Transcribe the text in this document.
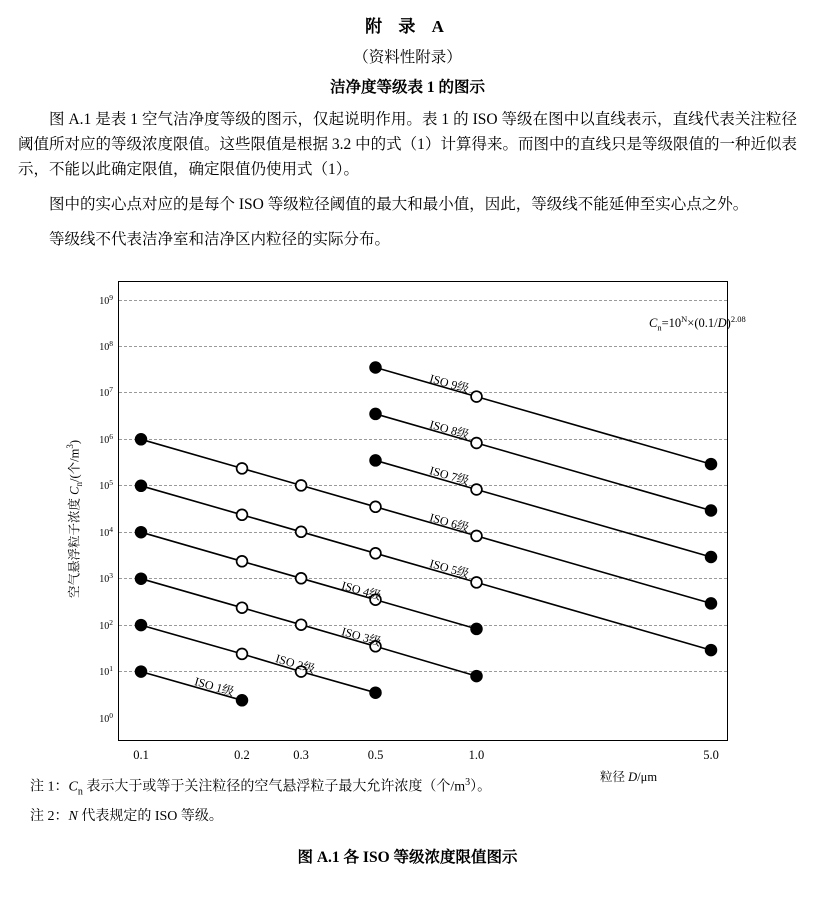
附 录 A
（资料性附录）
洁净度等级表 1 的图示
图 A.1 是表 1 空气洁净度等级的图示，仅起说明作用。表 1 的 ISO 等级在图中以直线表示，直线代表关注粒径阈值所对应的等级浓度限值。这些限值是根据 3.2 中的式（1）计算得来。而图中的直线只是等级限值的一种近似表示，不能以此确定限值，确定限值仍使用式（1）。
图中的实心点对应的是每个 ISO 等级粒径阈值的最大和最小值，因此，等级线不能延伸至实心点之外。
等级线不代表洁净室和洁净区内粒径的实际分布。
空气悬浮粒子浓度 $C_n/$(个$/m^3$)
粒径 D/μm
$C_n=10^N\times(0.1/D)^{2.08}$
$10^0$
$10^1$
$10^2$
$10^3$
$10^4$
$10^5$
$10^6$
$10^7$
$10^8$
$10^9$
0.1	0.2	0.3	0.5	1.0	5.0
ISO 1级
ISO 2级
ISO 3级
ISO 4级
ISO 5级
ISO 6级
ISO 7级
ISO 8级
ISO 9级
注 1：$C_n$ 表示大于或等于关注粒径的空气悬浮粒子最大允许浓度（个$/m^3$）。
注 2：N 代表规定的 ISO 等级。
图 A.1 各 ISO 等级浓度限值图示
